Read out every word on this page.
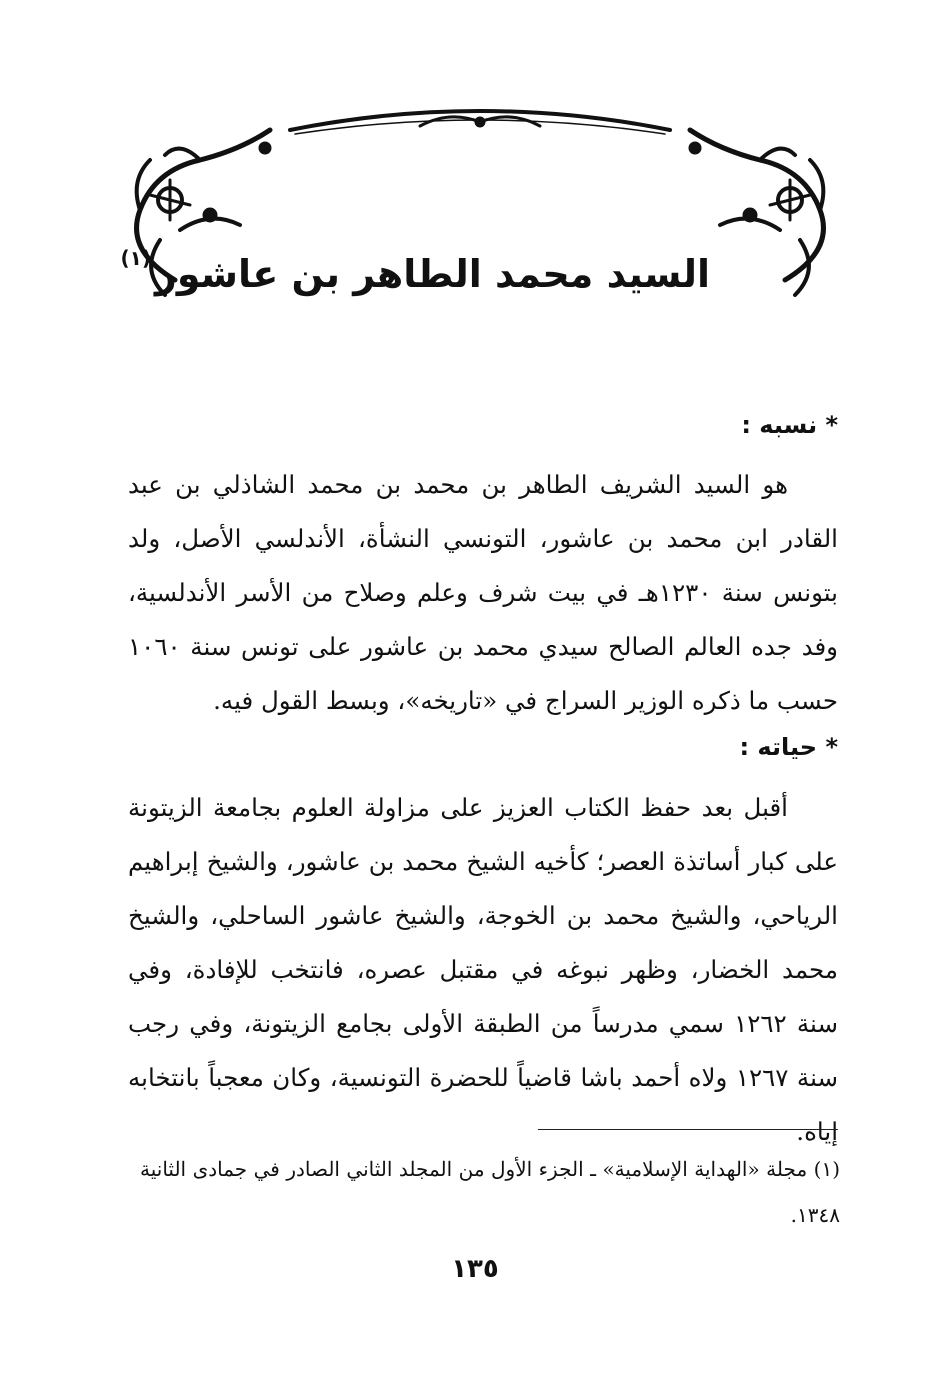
السيد محمد الطاهر بن عاشور$^{(١)}$
* نسبه :

هو السيد الشريف الطاهر بن محمد بن محمد الشاذلي بن عبد القادر ابن محمد بن عاشور، التونسي النشأة، الأندلسي الأصل، ولد بتونس سنة ١٢٣٠هـ في بيت شرف وعلم وصلاح من الأسر الأندلسية، وفد جده العالم الصالح سيدي محمد بن عاشور على تونس سنة ١٠٦٠ حسب ما ذكره الوزير السراج في «تاريخه»، وبسط القول فيه.

* حياته :

أقبل بعد حفظ الكتاب العزيز على مزاولة العلوم بجامعة الزيتونة على كبار أساتذة العصر؛ كأخيه الشيخ محمد بن عاشور، والشيخ إبراهيم الرياحي، والشيخ محمد بن الخوجة، والشيخ عاشور الساحلي، والشيخ محمد الخضار، وظهر نبوغه في مقتبل عصره، فانتخب للإفادة، وفي سنة ١٢٦٢ سمي مدرساً من الطبقة الأولى بجامع الزيتونة، وفي رجب سنة ١٢٦٧ ولاه أحمد باشا قاضياً للحضرة التونسية، وكان معجباً بانتخابه إياه.

(١) مجلة «الهداية الإسلامية» ـ الجزء الأول من المجلد الثاني الصادر في جمادى الثانية ١٣٤٨.
١٣٥
